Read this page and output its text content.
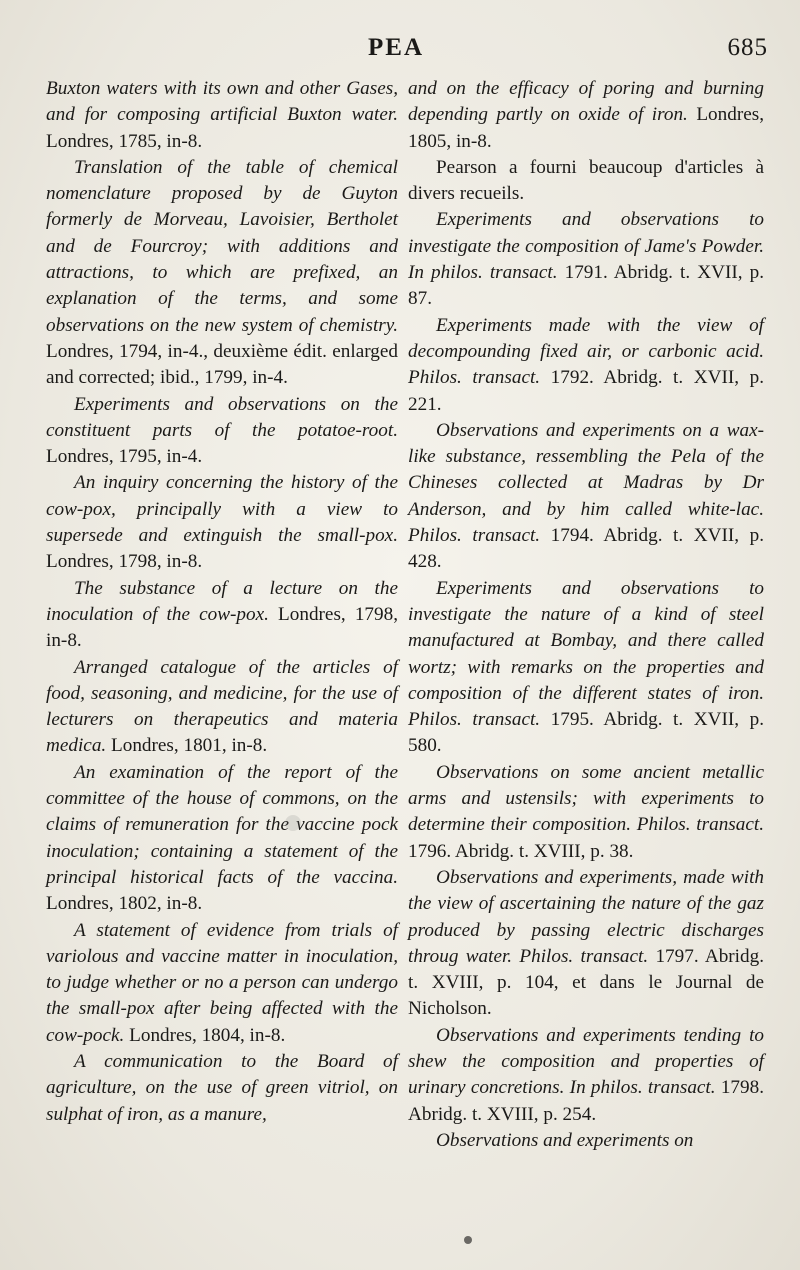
PEA	685

Buxton waters with its own and other Gases, and for composing artificial Buxton water. Londres, 1785, in-8.

Translation of the table of chemical nomenclature proposed by de Guyton formerly de Morveau, Lavoisier, Bertholet and de Fourcroy; with additions and attractions, to which are prefixed, an explanation of the terms, and some observations on the new system of chemistry. Londres, 1794, in-4., deuxième édit. enlarged and corrected; ibid., 1799, in-4.

Experiments and observations on the constituent parts of the potatoe-root. Londres, 1795, in-4.

An inquiry concerning the history of the cow-pox, principally with a view to supersede and extinguish the small-pox. Londres, 1798, in-8.

The substance of a lecture on the inoculation of the cow-pox. Londres, 1798, in-8.

Arranged catalogue of the articles of food, seasoning, and medicine, for the use of lecturers on therapeutics and materia medica. Londres, 1801, in-8.

An examination of the report of the committee of the house of commons, on the claims of remuneration for the vaccine pock inoculation; containing a statement of the principal historical facts of the vaccina. Londres, 1802, in-8.

A statement of evidence from trials of variolous and vaccine matter in inoculation, to judge whether or no a person can undergo the small-pox after being affected with the cow-pock. Londres, 1804, in-8.

A communication to the Board of agriculture, on the use of green vitriol, on sulphat of iron, as a manure,

and on the efficacy of poring and burning depending partly on oxide of iron. Londres, 1805, in-8.

Pearson a fourni beaucoup d'articles à divers recueils.

Experiments and observations to investigate the composition of Jame's Powder. In philos. transact. 1791. Abridg. t. XVII, p. 87.

Experiments made with the view of decompounding fixed air, or carbonic acid. Philos. transact. 1792. Abridg. t. XVII, p. 221.

Observations and experiments on a wax-like substance, ressembling the Pela of the Chineses collected at Madras by Dr Anderson, and by him called white-lac. Philos. transact. 1794. Abridg. t. XVII, p. 428.

Experiments and observations to investigate the nature of a kind of steel manufactured at Bombay, and there called wortz; with remarks on the properties and composition of the different states of iron. Philos. transact. 1795. Abridg. t. XVII, p. 580.

Observations on some ancient metallic arms and ustensils; with experiments to determine their composition. Philos. transact. 1796. Abridg. t. XVIII, p. 38.

Observations and experiments, made with the view of ascertaining the nature of the gaz produced by passing electric discharges throug water. Philos. transact. 1797. Abridg. t. XVIII, p. 104, et dans le Journal de Nicholson.

Observations and experiments tending to shew the composition and properties of urinary concretions. In philos. transact. 1798. Abridg. t. XVIII, p. 254.

Observations and experiments on
